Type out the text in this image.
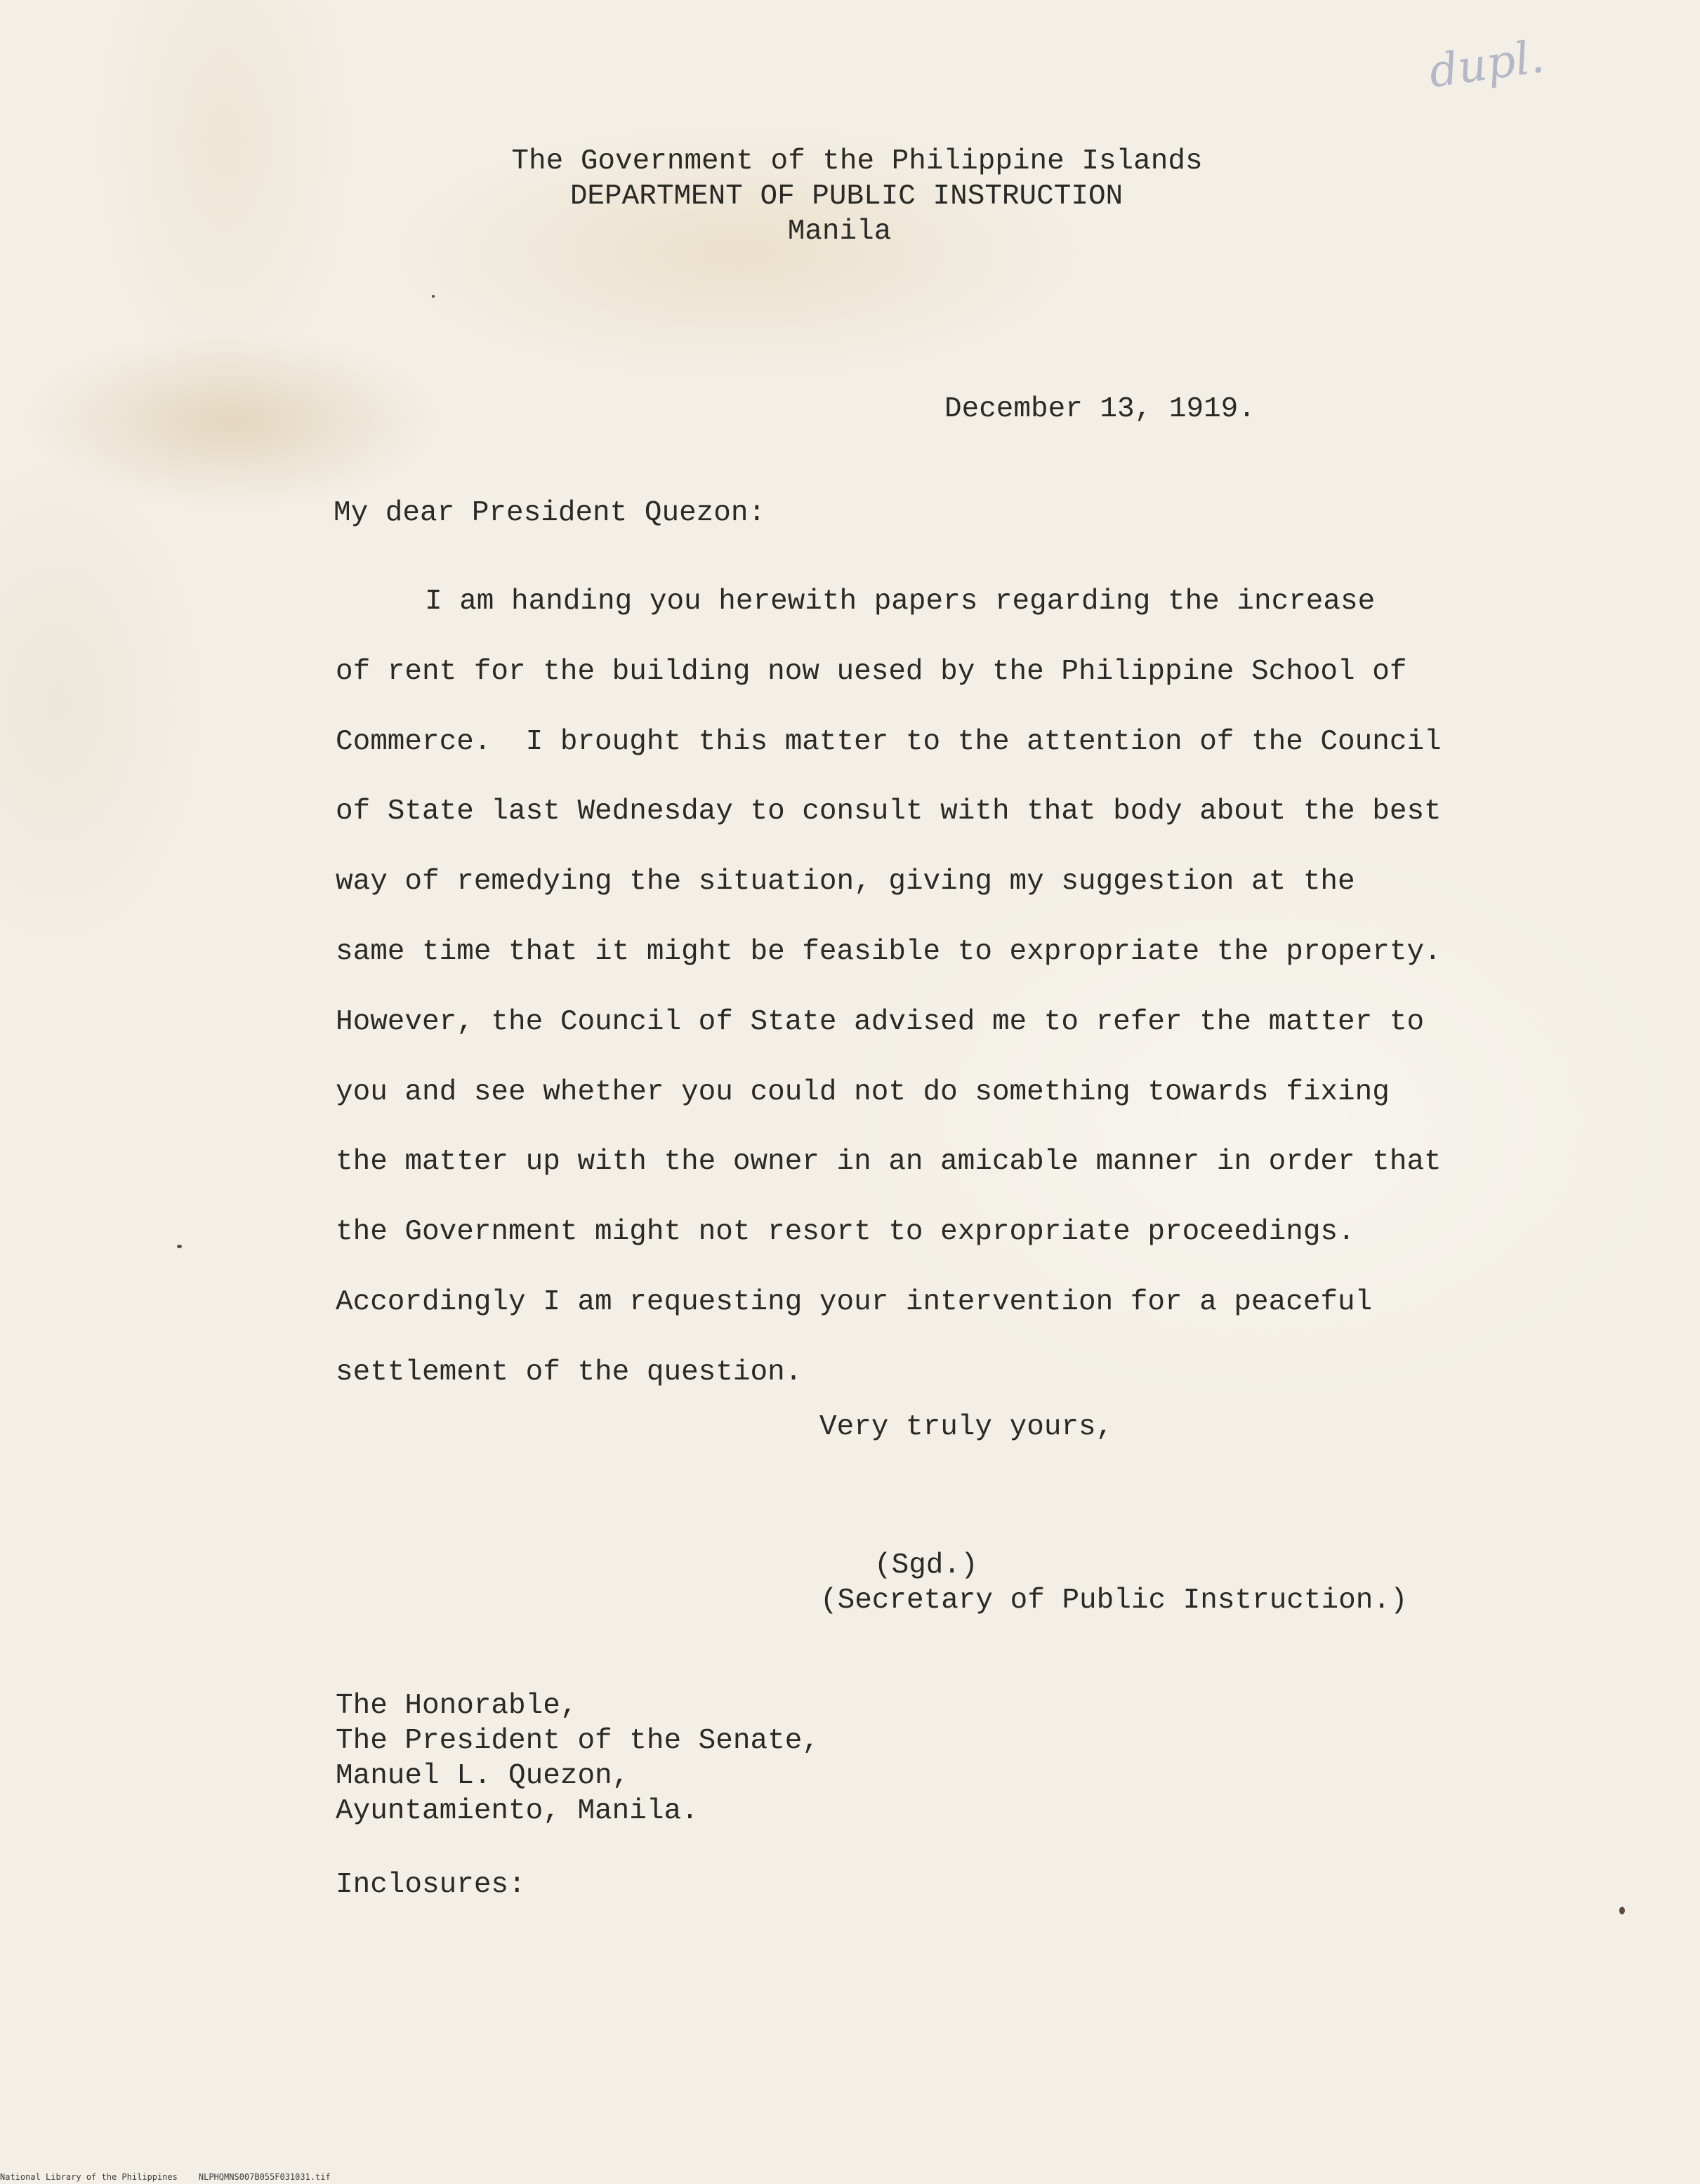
dupl.
The Government of the Philippine Islands
DEPARTMENT OF PUBLIC INSTRUCTION
Manila
December 13, 1919.
My dear President Quezon:
I am handing you herewith papers regarding the increase
of rent for the building now uesed by the Philippine School of
Commerce.  I brought this matter to the attention of the Council
of State last Wednesday to consult with that body about the best
way of remedying the situation, giving my suggestion at the
same time that it might be feasible to expropriate the property.
However, the Council of State advised me to refer the matter to
you and see whether you could not do something towards fixing
the matter up with the owner in an amicable manner in order that
the Government might not resort to expropriate proceedings.
Accordingly I am requesting your intervention for a peaceful
settlement of the question.
Very truly yours,
(Sgd.)
(Secretary of Public Instruction.)
The Honorable,
The President of the Senate,
Manuel L. Quezon,
Ayuntamiento, Manila.
Inclosures:
National Library of the Philippines	NLPHQMNS007B055F031031.tif
